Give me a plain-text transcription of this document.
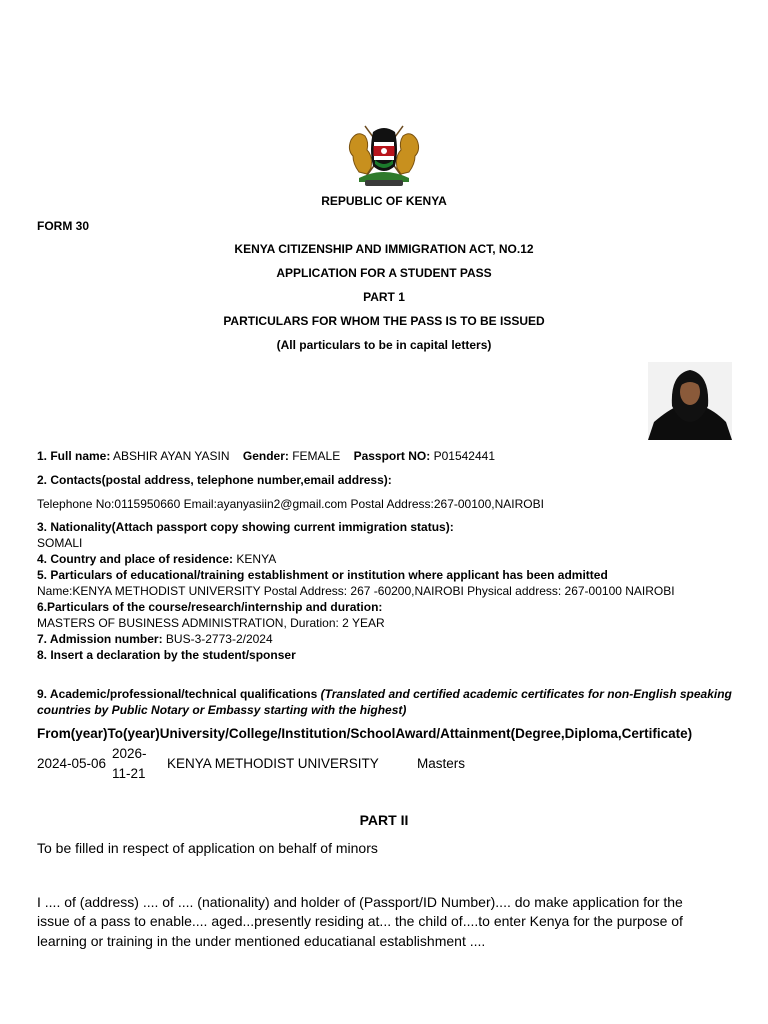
REPUBLIC OF KENYA
FORM 30
KENYA CITIZENSHIP AND IMMIGRATION ACT, NO.12
APPLICATION FOR A STUDENT PASS
PART 1
PARTICULARS FOR WHOM THE PASS IS TO BE ISSUED
(All particulars to be in capital letters)
1. Full name: ABSHIR AYAN YASIN Gender: FEMALE Passport NO: P01542441
2. Contacts(postal address, telephone number,email address):
Telephone No:0115950660 Email:ayanyasiin2@gmail.com Postal Address:267-00100,NAIROBI
3. Nationality(Attach passport copy showing current immigration status):
SOMALI
4. Country and place of residence: KENYA
5. Particulars of educational/training establishment or institution where applicant has been admitted
Name:KENYA METHODIST UNIVERSITY Postal Address: 267 -60200,NAIROBI Physical address: 267-00100 NAIROBI
6.Particulars of the course/research/internship and duration:
MASTERS OF BUSINESS ADMINISTRATION, Duration: 2 YEAR
7. Admission number: BUS-3-2773-2/2024
8. Insert a declaration by the student/sponser
9. Academic/professional/technical qualifications (Translated and certified academic certificates for non-English speaking
countries by Public Notary or Embassy starting with the highest)
From(year)To(year)University/College/Institution/SchoolAward/Attainment(Degree,Diploma,Certificate)
2024-05-06
2026-
11-21
KENYA METHODIST UNIVERSITY	Masters
PART II
To be filled in respect of application on behalf of minors
I .... of (address) .... of .... (nationality) and holder of (Passport/ID Number).... do make application for the
issue of a pass to enable.... aged...presently residing at... the child of....to enter Kenya for the purpose of
learning or training in the under mentioned educatianal establishment ....
